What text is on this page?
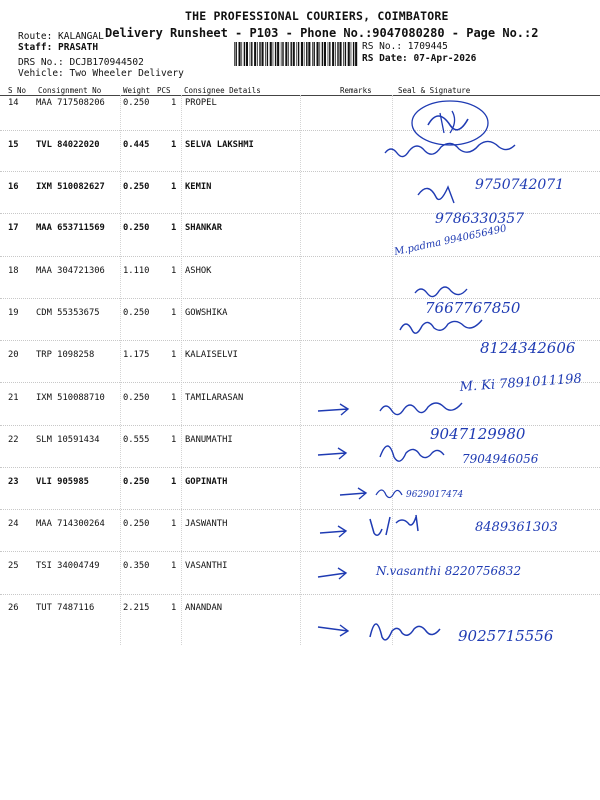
THE PROFESSIONAL COURIERS, COIMBATORE
Delivery Runsheet - P103 - Phone No.:9047080280 - Page No.:2
Route: KALANGAL
Staff: PRASATH
DRS No.: DCJB170944502
Vehicle: Two Wheeler Delivery
RS No.: 1709445
RS Date: 07-Apr-2026
S No Consignment No	Weight PCS Consignee Details	Remarks	Seal & Signature
14 MAA 717508206 0.250 1 PROPEL
15 TVL 84022020	0.445 1 SELVA LAKSHMI
16 IXM 510082627 0.250 1 KEMIN
17 MAA 653711569 0.250 1 SHANKAR
18 MAA 304721306 1.110 1 ASHOK
19 CDM 55353675	0.250 1 GOWSHIKA
20 TRP 1098258	1.175 1 KALAISELVI
21 IXM 510088710 0.250 1 TAMILARASAN
22 SLM 10591434	0.555 1 BANUMATHI
23 VLI 905985	0.250 1 GOPINATH
24 MAA 714300264 0.250 1 JASWANTH
25 TSI 34004749	0.350 1 VASANTHI
26 TUT 7487116	2.215 1 ANANDAN
9750742071
9786330357
M.padma 9940656490
7667767850
8124342606
M. Ki 7891011198
9047129980
7904946056
9629017474
8489361303
N.vasanthi 8220756832
9025715556
